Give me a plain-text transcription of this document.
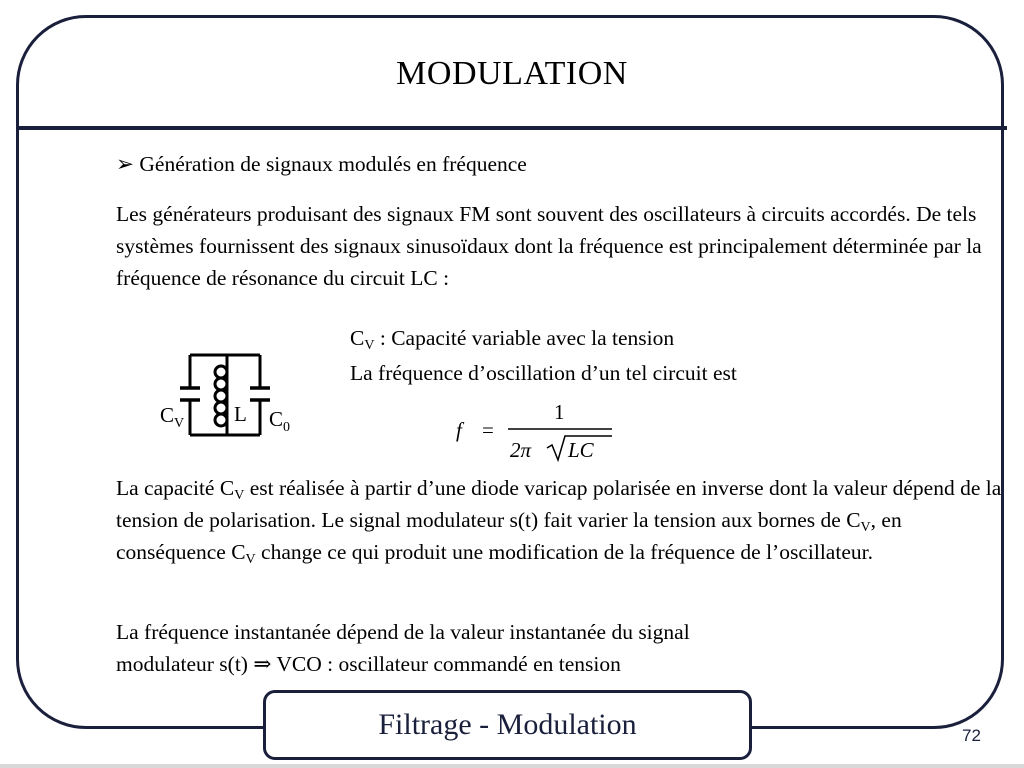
MODULATION
➢ Génération de signaux modulés en fréquence
Les générateurs produisant des signaux FM sont souvent des oscillateurs à circuits accordés. De tels systèmes fournissent des signaux sinusoïdaux dont la fréquence est principalement déterminée par la fréquence de résonance du circuit LC :
$C_V$ : Capacité variable avec la tension
La fréquence d’oscillation d’un tel circuit est
$C_V$ L $C_0$	f =
1
2π LC
La capacité $C_V$ est réalisée à partir d’une diode varicap polarisée en inverse dont la valeur dépend de la tension de polarisation. Le signal modulateur s(t) fait varier la tension aux bornes de $C_V$, en conséquence $C_V$ change ce qui produit une modification de la fréquence de l’oscillateur.
La fréquence instantanée dépend de la valeur instantanée du signal
modulateur s(t) ⇒ VCO : oscillateur commandé en tension
Filtrage - Modulation	72
